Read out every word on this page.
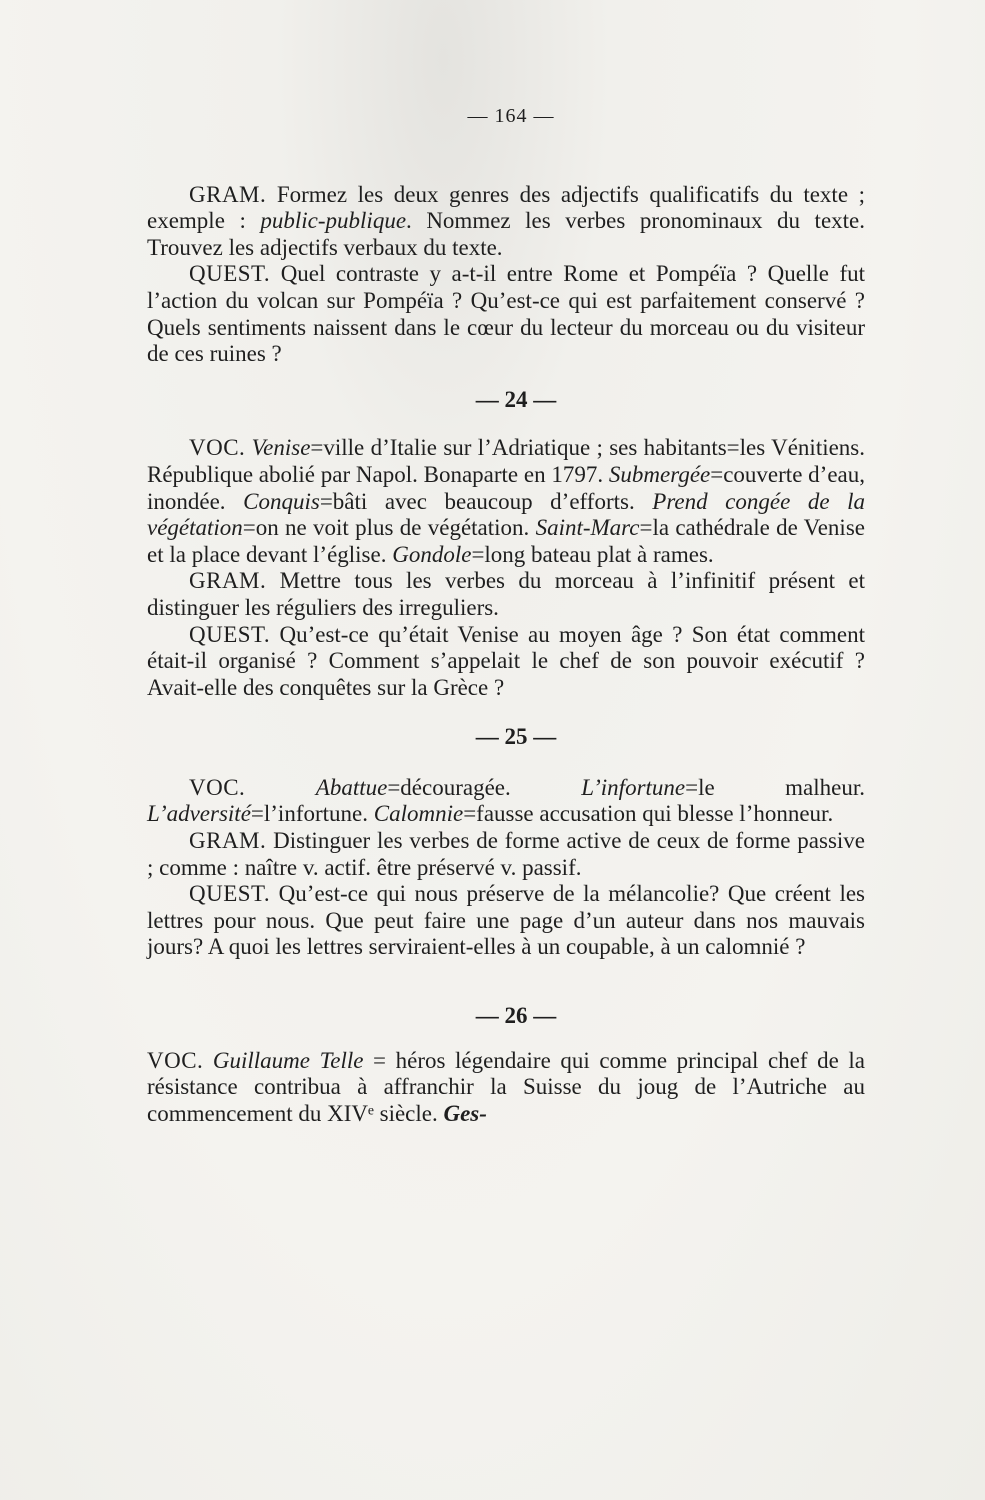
— 164 —

GRAM. Formez les deux genres des adjectifs qualificatifs du texte ; exemple : public-publique. Nommez les verbes pronominaux du texte. Trouvez les adjectifs verbaux du texte.

QUEST. Quel contraste y a-t-il entre Rome et Pompéïa ? Quelle fut l’action du volcan sur Pompéïa ? Qu’est-ce qui est parfaitement conservé ? Quels sentiments naissent dans le cœur du lecteur du morceau ou du visiteur de ces ruines ?

— 24 —

VOC. Venise=ville d’Italie sur l’Adriatique ; ses habitants=les Vénitiens. République abolié par Napol. Bonaparte en 1797. Submergée=couverte d’eau, inondée. Conquis=bâti avec beaucoup d’efforts. Prend congée de la végétation=on ne voit plus de végétation. Saint-Marc=la cathédrale de Venise et la place devant l’église. Gondole=long bateau plat à rames.

GRAM. Mettre tous les verbes du morceau à l’infinitif présent et distinguer les réguliers des irreguliers.

QUEST. Qu’est-ce qu’était Venise au moyen âge ? Son état comment était-il organisé ? Comment s’appelait le chef de son pouvoir exécutif ? Avait-elle des conquêtes sur la Grèce ?

— 25 —

VOC.	Abattue=découragée. L’infortune=le malheur. L’adversité=l’infortune. Calomnie=fausse accusation qui blesse l’honneur.

GRAM. Distinguer les verbes de forme active de ceux de forme passive ; comme : naître v. actif. être préservé v. passif.

QUEST. Qu’est-ce qui nous préserve de la mélancolie? Que créent les lettres pour nous. Que peut faire une page d’un auteur dans nos mauvais jours? A quoi les lettres serviraient-elles à un coupable, à un calomnié ?

— 26 —

VOC. Guillaume Telle = héros légendaire qui comme principal chef de la résistance contribua à affranchir la Suisse du joug de l’Autriche au commencement du XIVᵉ siècle. Ges-
